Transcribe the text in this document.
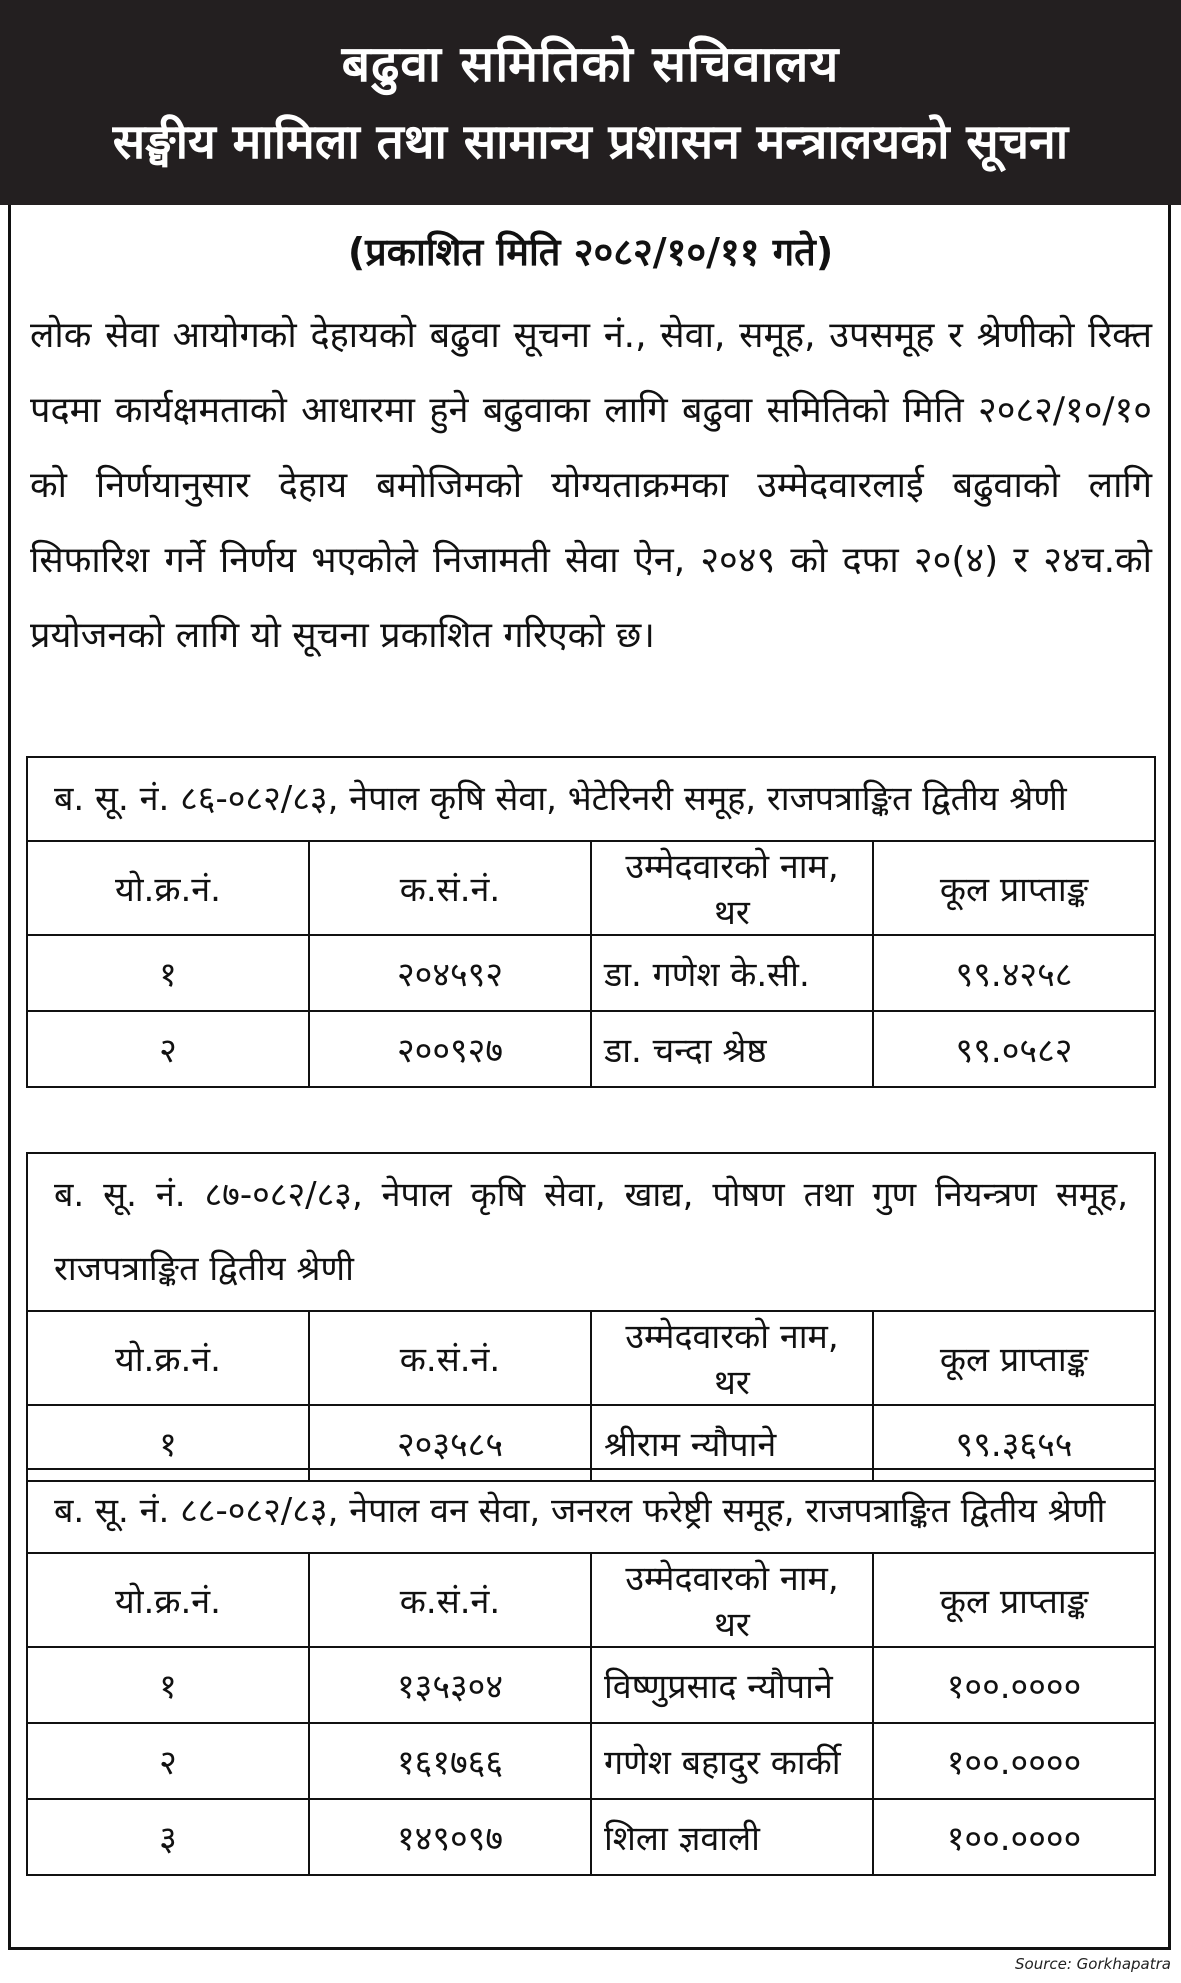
बढुवा समितिको सचिवालय
सङ्घीय मामिला तथा सामान्य प्रशासन मन्त्रालयको सूचना
(प्रकाशित मिति २०८२/१०/११ गते)
लोक सेवा आयोगको देहायको बढुवा सूचना नं., सेवा, समूह, उपसमूह र श्रेणीको रिक्त पदमा कार्यक्षमताको आधारमा हुने बढुवाका लागि बढुवा समितिको मिति २०८२/१०/१० को निर्णयानुसार देहाय बमोजिमको योग्यताक्रमका उम्मेदवारलाई बढुवाको लागि सिफारिश गर्ने निर्णय भएकोले निजामती सेवा ऐन, २०४९ को दफा २०(४) र २४च.को प्रयोजनको लागि यो सूचना प्रकाशित गरिएको छ।
ब. सू. नं. ८६-०८२/८३, नेपाल कृषि सेवा, भेटेरिनरी समूह, राजपत्राङ्कित द्वितीय श्रेणी			
यो.क्र.नं.	क.सं.नं.	उम्मेदवारको नाम, थर	कूल प्राप्ताङ्क
१	२०४५९२	डा. गणेश के.सी.	९९.४२५८
२	२००९२७	डा. चन्दा श्रेष्ठ	९९.०५८२
ब. सू. नं. ८७-०८२/८३, नेपाल कृषि सेवा, खाद्य, पोषण तथा गुण नियन्त्रण समूह, राजपत्राङ्कित द्वितीय श्रेणी			
यो.क्र.नं.	क.सं.नं.	उम्मेदवारको नाम, थर	कूल प्राप्ताङ्क
१	२०३५८५	श्रीराम न्यौपाने	९९.३६५५
ब. सू. नं. ८८-०८२/८३, नेपाल वन सेवा, जनरल फरेष्ट्री समूह, राजपत्राङ्कित द्वितीय श्रेणी			
यो.क्र.नं.	क.सं.नं.	उम्मेदवारको नाम, थर	कूल प्राप्ताङ्क
१	१३५३०४	विष्णुप्रसाद न्यौपाने	१००.००००
२	१६१७६६	गणेश बहादुर कार्की	१००.००००
३	१४९०९७	शिला ज्ञवाली	१००.००००
Source: Gorkhapatra
